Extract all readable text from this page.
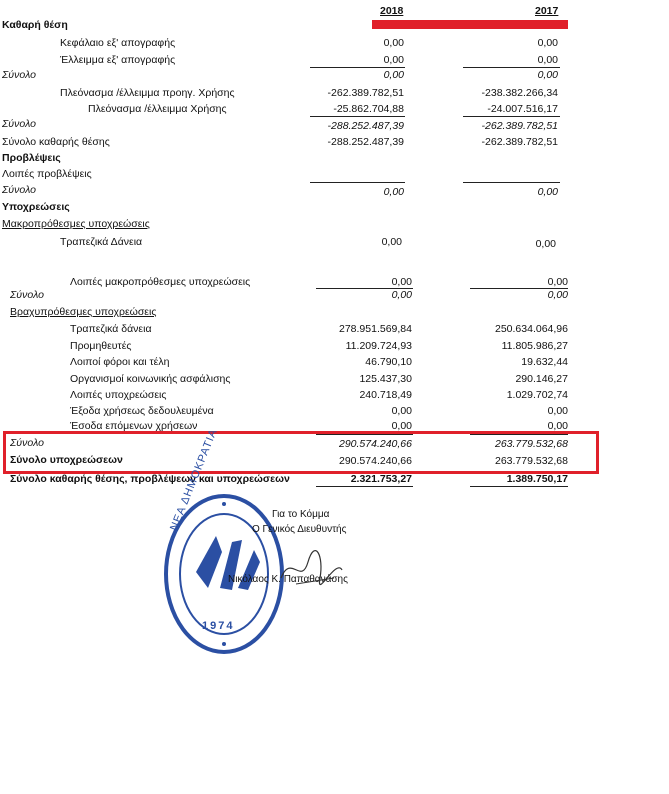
2018	2017
Καθαρή θέση
Κεφάλαιο εξ' απογραφής	0,00	0,00
Έλλειμμα εξ' απογραφής	0,00	0,00
Σύνολο	0,00	0,00
Πλεόνασμα /έλλειμμα προηγ. Χρήσης	-262.389.782,51	-238.382.266,34
Πλεόνασμα /έλλειμμα Χρήσης	-25.862.704,88	-24.007.516,17
Σύνολο	-288.252.487,39	-262.389.782,51
Σύνολο καθαρής θέσης	-288.252.487,39	-262.389.782,51
Προβλέψεις
Λοιπές προβλέψεις
Σύνολο	0,00	0,00
Υποχρεώσεις
Μακροπρόθεσμες υποχρεώσεις
Τραπεζικά Δάνεια	0,00	0,00
Λοιπές μακροπρόθεσμες υποχρεώσεις	0,00	0,00
Σύνολο	0,00	0,00
Βραχυπρόθεσμες υποχρεώσεις
Τραπεζικά δάνεια	278.951.569,84	250.634.064,96
Προμηθευτές	11.209.724,93	11.805.986,27
Λοιποί φόροι και τέλη	46.790,10	19.632,44
Οργανισμοί κοινωνικής ασφάλισης	125.437,30	290.146,27
Λοιπές υποχρεώσεις	240.718,49	1.029.702,74
Έξοδα χρήσεως δεδουλευμένα	0,00	0,00
Έσοδα επόμενων χρήσεων	0,00	0,00
Σύνολο	290.574.240,66	263.779.532,68
Σύνολο υποχρεώσεων	290.574.240,66	263.779.532,68
Σύνολο καθαρής θέσης, προβλέψεων και υποχρεώσεων	2.321.753,27	1.389.750,17
ΝΕΑ ΔΗΜΟΚΡΑΤΙΑ
1974
Για το Κόμμα
Ο Γενικός Διευθυντής
Νικόλαος Κ. Παπαθανάσης
